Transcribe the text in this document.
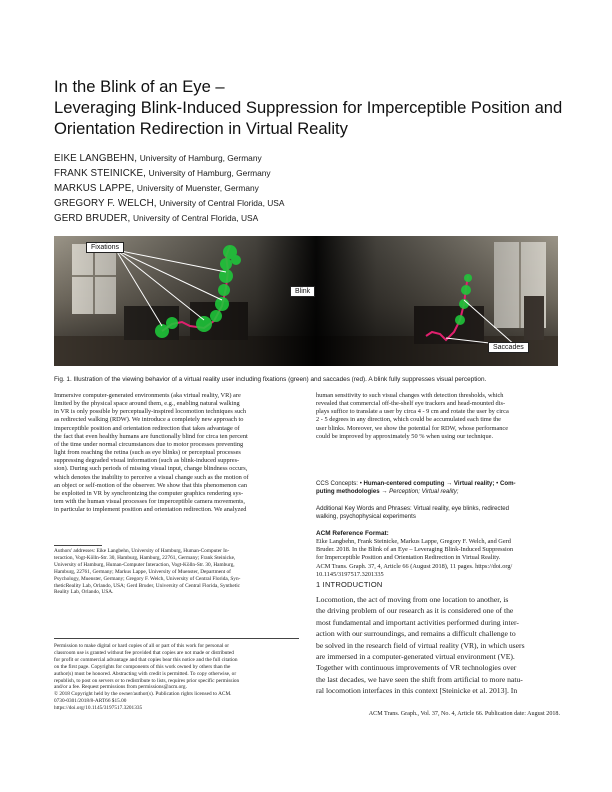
In the Blink of an Eye –
Leveraging Blink-Induced Suppression for Imperceptible Position and
Orientation Redirection in Virtual Reality
EIKE LANGBEHN, University of Hamburg, Germany
FRANK STEINICKE, University of Hamburg, Germany
MARKUS LAPPE, University of Muenster, Germany
GREGORY F. WELCH, University of Central Florida, USA
GERD BRUDER, University of Central Florida, USA
Fixations
Blink
Saccades
Fig. 1. Illustration of the viewing behavior of a virtual reality user including fixations (green) and saccades (red). A blink fully suppresses visual perception.
Immersive computer-generated environments (aka virtual reality, VR) are
limited by the physical space around them, e.g., enabling natural walking
in VR is only possible by perceptually-inspired locomotion techniques such
as redirected walking (RDW). We introduce a completely new approach to
imperceptible position and orientation redirection that takes advantage of
the fact that even healthy humans are functionally blind for circa ten percent
of the time under normal circumstances due to motor processes preventing
light from reaching the retina (such as eye blinks) or perceptual processes
suppressing degraded visual information (such as blink-induced suppres-
sion). During such periods of missing visual input, change blindness occurs,
which denotes the inability to perceive a visual change such as the motion of
an object or self-motion of the observer. We show that this phenomenon can
be exploited in VR by synchronizing the computer graphics rendering sys-
tem with the human visual processes for imperceptible camera movements,
in particular to implement position and orientation redirection. We analyzed
Authors' addresses: Eike Langbehn, University of Hamburg, Human-Computer In-
teraction, Vogt-Kölln-Str. 30, Hamburg, Hamburg, 22761, Germany; Frank Steinicke,
University of Hamburg, Human-Computer Interaction, Vogt-Kölln-Str. 30, Hamburg,
Hamburg, 22761, Germany; Markus Lappe, University of Muenster, Department of
Psychology, Muenster, Germany; Gregory F. Welch, University of Central Florida, Syn-
theticReality Lab, Orlando, USA; Gerd Bruder, University of Central Florida, Synthetic
Reality Lab, Orlando, USA.
Permission to make digital or hard copies of all or part of this work for personal or
classroom use is granted without fee provided that copies are not made or distributed
for profit or commercial advantage and that copies bear this notice and the full citation
on the first page. Copyrights for components of this work owned by others than the
author(s) must be honored. Abstracting with credit is permitted. To copy otherwise, or
republish, to post on servers or to redistribute to lists, requires prior specific permission
and/or a fee. Request permissions from permissions@acm.org.
© 2018 Copyright held by the owner/author(s). Publication rights licensed to ACM.
0730-0301/2018/8-ART66 $15.00
https://doi.org/10.1145/3197517.3201335
human sensitivity to such visual changes with detection thresholds, which
revealed that commercial off-the-shelf eye trackers and head-mounted dis-
plays suffice to translate a user by circa 4 - 9 cm and rotate the user by circa
2 - 5 degrees in any direction, which could be accumulated each time the
user blinks. Moreover, we show the potential for RDW, whose performance
could be improved by approximately 50 % when using our technique.
CCS Concepts: • Human-centered computing → Virtual reality; • Com-
puting methodologies → Perception; Virtual reality;
Additional Key Words and Phrases: Virtual reality, eye blinks, redirected
walking, psychophysical experiments
ACM Reference Format:
Eike Langbehn, Frank Steinicke, Markus Lappe, Gregory F. Welch, and Gerd
Bruder. 2018. In the Blink of an Eye – Leveraging Blink-Induced Suppression
for Imperceptible Position and Orientation Redirection in Virtual Reality.
ACM Trans. Graph. 37, 4, Article 66 (August 2018), 11 pages. https://doi.org/
10.1145/3197517.3201335
1 INTRODUCTION
Locomotion, the act of moving from one location to another, is
the driving problem of our research as it is considered one of the
most fundamental and important activities performed during inter-
action with our surroundings, and remains a difficult challenge to
be solved in the research field of virtual reality (VR), in which users
are immersed in a computer-generated virtual environment (VE).
Together with continuous improvements of VR technologies over
the last decades, we have seen the shift from artificial to more natu-
ral locomotion interfaces in this context [Steinicke et al. 2013]. In
ACM Trans. Graph., Vol. 37, No. 4, Article 66. Publication date: August 2018.
